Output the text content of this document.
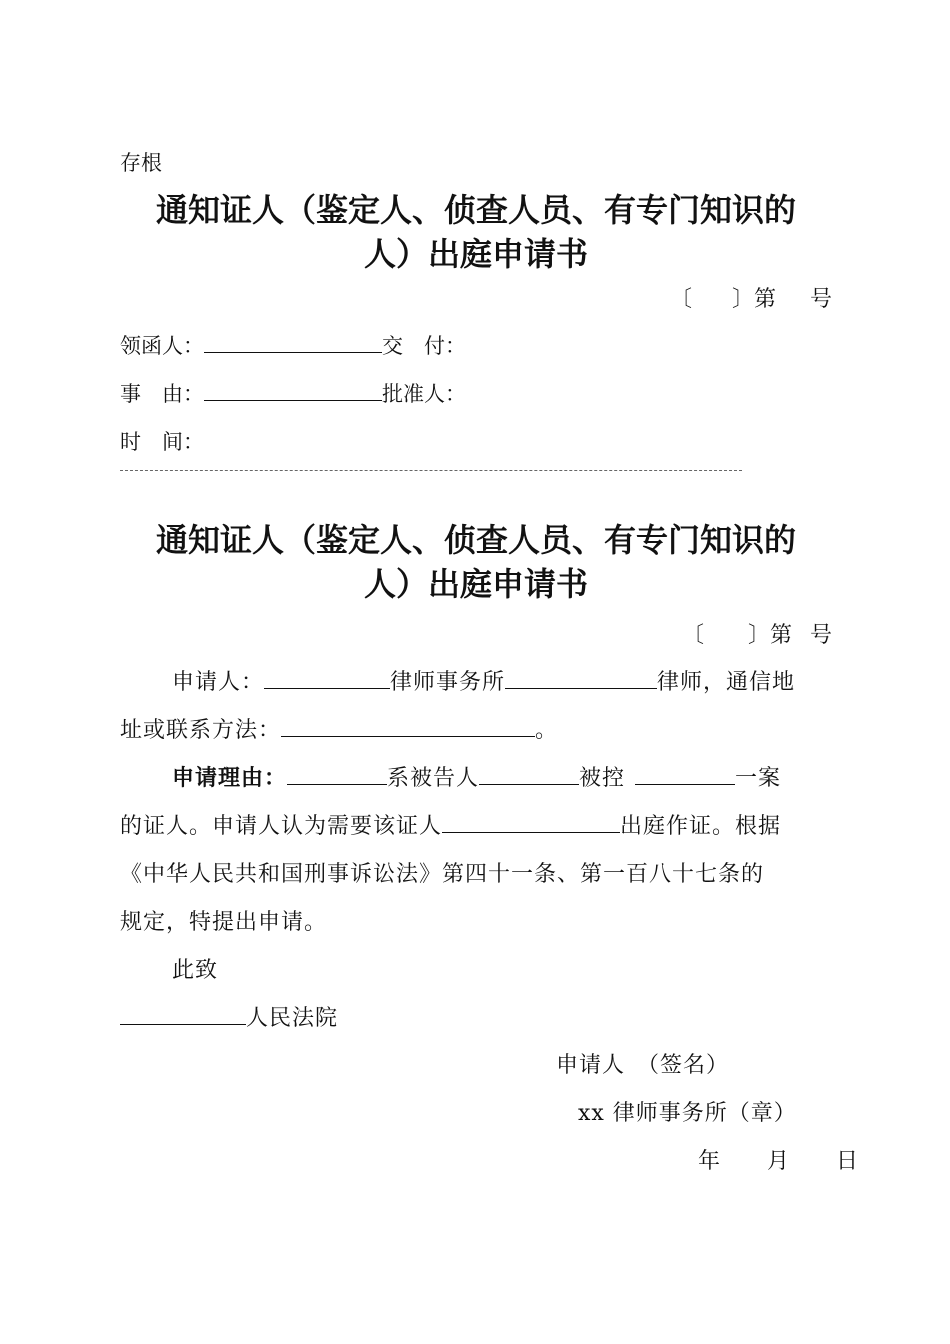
存根
通知证人（鉴定人、侦查人员、有专门知识的
人）出庭申请书
〔 〕第 号
领函人：	交　付：
事　由：	批准人：
时　间：
通知证人（鉴定人、侦查人员、有专门知识的
人）出庭申请书
〔 〕第 号
申请人：	律师事务所	律师，通信地
址或联系方法：	。
申请理由：	系被告人	被控	一案
的证人。申请人认为需要该证人	出庭作证。根据
《中华人民共和国刑事诉讼法》第四十一条、第一百八十七条的
规定，特提出申请。
此致
人民法院
申请人　（签名）
xx 律师事务所（章）
年　　月　　日
